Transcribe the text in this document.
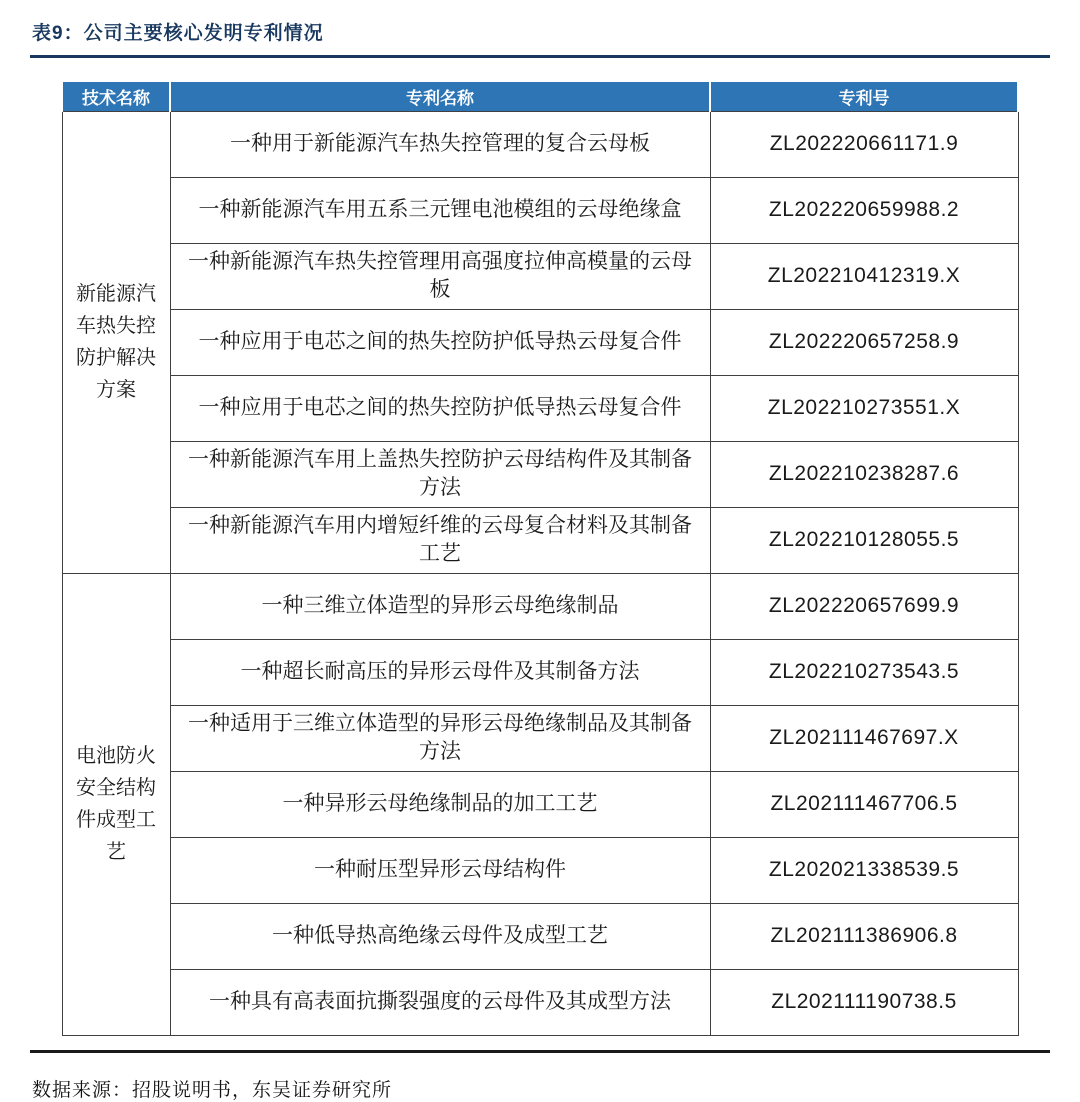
表9：公司主要核心发明专利情况
技术名称	专利名称	专利号
新能源汽车热失控防护解决方案	一种用于新能源汽车热失控管理的复合云母板	ZL202220661171.9
	一种新能源汽车用五系三元锂电池模组的云母绝缘盒	ZL202220659988.2
	一种新能源汽车热失控管理用高强度拉伸高模量的云母板	ZL202210412319.X
	一种应用于电芯之间的热失控防护低导热云母复合件	ZL202220657258.9
	一种应用于电芯之间的热失控防护低导热云母复合件	ZL202210273551.X
	一种新能源汽车用上盖热失控防护云母结构件及其制备方法	ZL202210238287.6
	一种新能源汽车用内增短纤维的云母复合材料及其制备工艺	ZL202210128055.5
电池防火安全结构件成型工艺	一种三维立体造型的异形云母绝缘制品	ZL202220657699.9
	一种超长耐高压的异形云母件及其制备方法	ZL202210273543.5
	一种适用于三维立体造型的异形云母绝缘制品及其制备方法	ZL202111467697.X
	一种异形云母绝缘制品的加工工艺	ZL202111467706.5
	一种耐压型异形云母结构件	ZL202021338539.5
	一种低导热高绝缘云母件及成型工艺	ZL202111386906.8
	一种具有高表面抗撕裂强度的云母件及其成型方法	ZL202111190738.5
数据来源：招股说明书，东吴证券研究所
